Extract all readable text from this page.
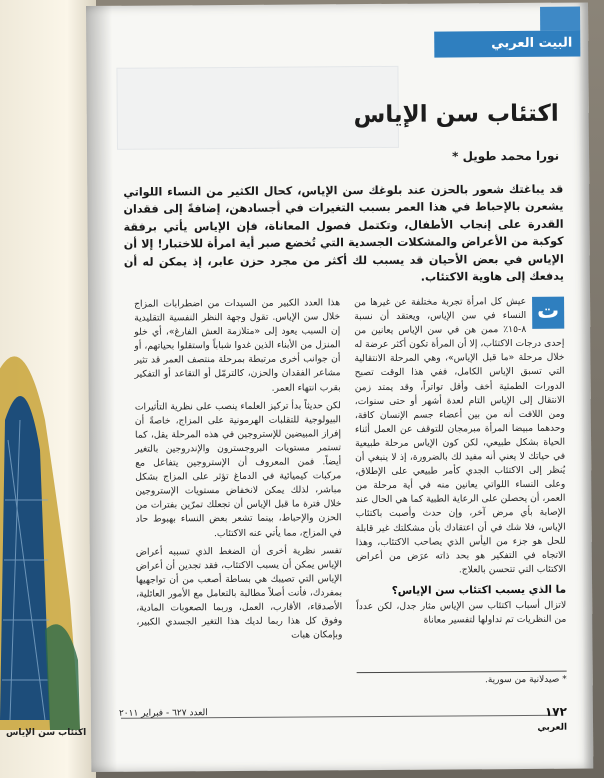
اكتئاب سن الإياس
البيت العربي
اكتئاب سن الإياس
نورا محمد طويل *
قد يباغتك شعور بالحزن عند بلوغك سن الإياس، كحال الكثير من النساء اللواتي يشعرن بالإحباط في هذا العمر بسبب التغيرات في أجسادهن، إضافةً إلى فقدان القدرة على إنجاب الأطفال، وتكتمل فصول المعاناة، فإن الإياس يأتي برفقة كوكبة من الأعراض والمشكلات الجسدية التي تُخضع صبر أية امرأة للاختبار! إلا أن الإياس في بعض الأحيان قد يسبب لك أكثر من مجرد حزن عابر، إذ يمكن له أن يدفعك إلى هاوية الاكتئاب.
ت

عيش كل امرأة تجربة مختلفة عن غيرها من النساء في سن الإياس، ويعتقد أن نسبة ٨-١٥٪ ممن هن في سن الإياس يعانين من إحدى درجات الاكتئاب، إلا أن المرأة تكون أكثر عرضة له خلال مرحلة «ما قبل الإياس»، وهي المرحلة الانتقالية التي تسبق الإياس الكامل، ففي هذا الوقت تصبح الدورات الطمثية أخف وأقل تواتراً، وقد يمتد زمن الانتقال إلى الإياس التام لعدة أشهر أو حتى سنوات، ومن اللافت أنه من بين أعضاء جسم الإنسان كافة، وحدهما مبيضا المرأة مبرمجان للتوقف عن العمل أثناء الحياة بشكل طبيعي، لكن كون الإياس مرحلة طبيعية في حياتك لا يعني أنه مفيد لك بالضرورة، إذ لا ينبغي أن يُنظر إلى الاكتئاب الجدي كأمر طبيعي على الإطلاق، وعلى النساء اللواتي يعانين منه في أية مرحلة من العمر، أن يحصلن على الرعاية الطبية كما هي الحال عند الإصابة بأي مرض آخر، وإن حدث وأصبت باكتئاب الإياس، فلا شك في أن اعتقادك بأن مشكلتك غير قابلة للحل هو جزء من اليأس الذي يصاحب الاكتئاب، وهذا الاتجاه في التفكير هو بحد ذاته عرَض من أعراض الاكتئاب التي تتحسن بالعلاج.

ما الذي يسبب اكتئاب سن الإياس؟

لاتزال أسباب اكتئاب سن الإياس مثار جدل، لكن عدداً من النظريات تم تداولها لتفسير معاناة

هذا العدد الكبير من السيدات من اضطرابات المزاج خلال سن الإياس. تقول وجهة النظر النفسية التقليدية إن السبب يعود إلى «متلازمة العش الفارغ»، أي خلو المنزل من الأبناء الذين غدوا شباباً واستقلوا بحياتهم، أو أن جوانب أخرى مرتبطة بمرحلة منتصف العمر قد تثير مشاعر الفقدان والحزن، كالترمّل أو التقاعد أو التفكير بقرب انتهاء العمر.

لكن حديثاً بدأ تركيز العلماء ينصب على نظرية التأثيرات البيولوجية للتقلبات الهرمونية على المزاج، خاصةً أن إفراز المبيضين للإستروجين في هذه المرحلة يقل، كما تستمر مستويات البروجسترون والإندروجين بالتغير أيضاً. فمن المعروف أن الإستروجين يتفاعل مع مركبات كيميائية في الدماغ تؤثر على المزاج بشكل مباشر، لذلك يمكن لانخفاض مستويات الإستروجين خلال فترة ما قبل الإياس أن تجعلك تمرّين بفترات من الحزن والإحباط، بينما تشعر بعض النساء بهبوط حاد في المزاج، مما يأتي عنه الاكتئاب.

تفسر نظرية أخرى أن الضغط الذي تسببه أعراض الإياس يمكن أن يسبب الاكتئاب، فقد تجدين أن أعراض الإياس التي تصيبك هي بساطة أصعب من أن تواجهيها بمفردك، فأنت أصلاً مطالبة بالتعامل مع الأمور العائلية، الأصدقاء، الأقارب، العمل، وربما الصعوبات المادية، وفوق كل هذا ربما لديك هذا التغير الجسدي الكبير، وبإمكان هبات

* صيدلانية من سورية.
١٧٢
العربي
العدد ٦٢٧ - فبراير ٢٠١١
